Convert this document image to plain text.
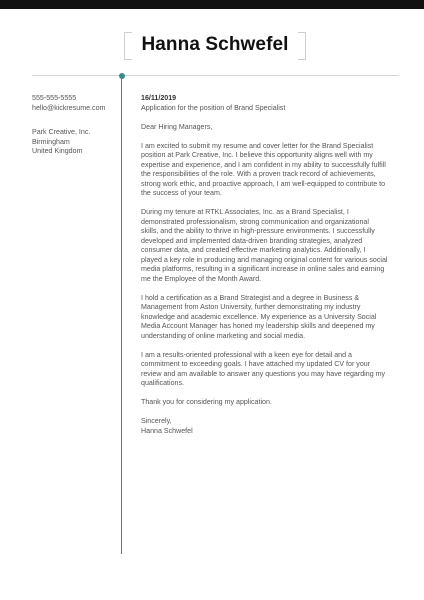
Hanna Schwefel
555-555-5555
hello@kickresume.com
Park Creative, Inc.
Birmingham
United Kingdom
16/11/2019
Application for the position of Brand Specialist
Dear Hiring Managers,
I am excited to submit my resume and cover letter for the Brand Specialist
position at Park Creative, Inc. I believe this opportunity aligns well with my
expertise and experience, and I am confident in my ability to successfully fulfill
the responsibilities of the role. With a proven track record of achievements,
strong work ethic, and proactive approach, I am well-equipped to contribute to
the success of your team.
During my tenure at RTKL Associates, Inc. as a Brand Specialist, I
demonstrated professionalism, strong communication and organizational
skills, and the ability to thrive in high-pressure environments. I successfully
developed and implemented data-driven branding strategies, analyzed
consumer data, and created effective marketing analytics. Additionally, I
played a key role in producing and managing original content for various social
media platforms, resulting in a significant increase in online sales and earning
me the Employee of the Month Award.
I hold a certification as a Brand Strategist and a degree in Business &
Management from Aston University, further demonstrating my industry
knowledge and academic excellence. My experience as a University Social
Media Account Manager has honed my leadership skills and deepened my
understanding of online marketing and social media.
I am a results-oriented professional with a keen eye for detail and a
commitment to exceeding goals. I have attached my updated CV for your
review and am available to answer any questions you may have regarding my
qualifications.
Thank you for considering my application.
Sincerely,
Hanna Schwefel
